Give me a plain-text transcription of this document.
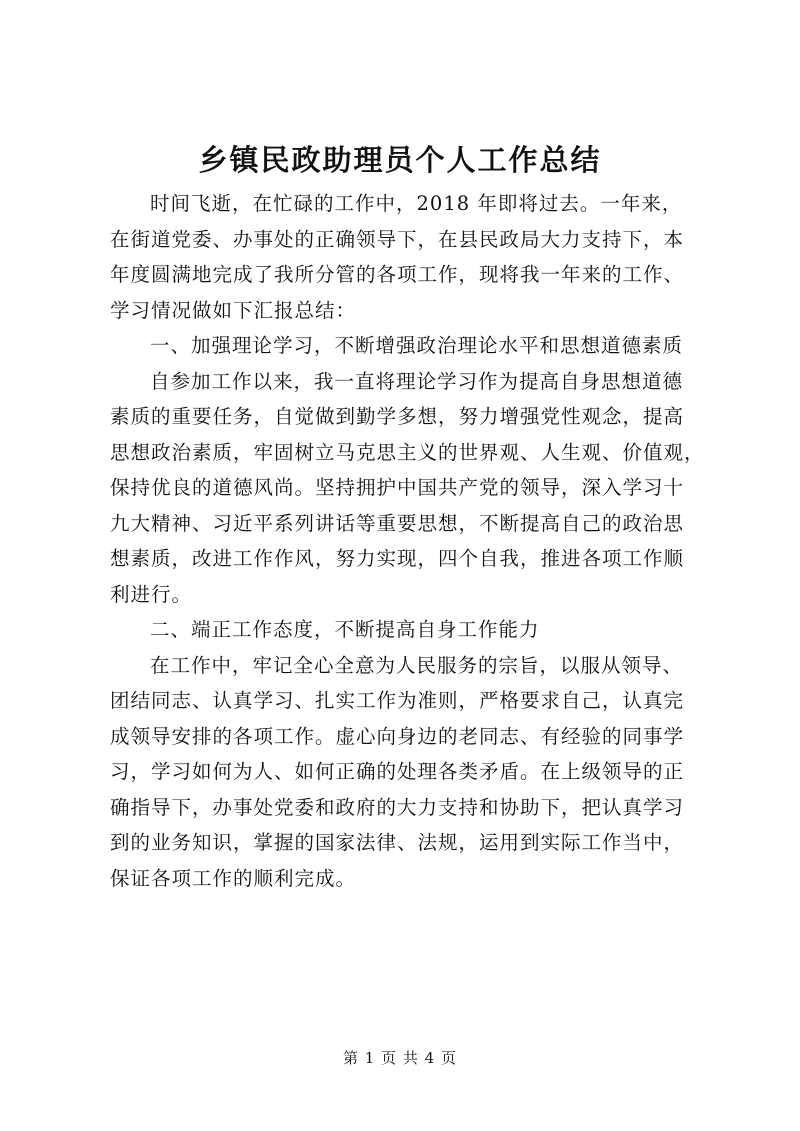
乡镇民政助理员个人工作总结
时间飞逝，在忙碌的工作中，2018 年即将过去。一年来，
在街道党委、办事处的正确领导下，在县民政局大力支持下，本
年度圆满地完成了我所分管的各项工作，现将我一年来的工作、
学习情况做如下汇报总结：
一、加强理论学习，不断增强政治理论水平和思想道德素质
自参加工作以来，我一直将理论学习作为提高自身思想道德
素质的重要任务，自觉做到勤学多想，努力增强党性观念，提高
思想政治素质，牢固树立马克思主义的世界观、人生观、价值观，
保持优良的道德风尚。坚持拥护中国共产党的领导，深入学习十
九大精神、习近平系列讲话等重要思想，不断提高自己的政治思
想素质，改进工作作风，努力实现，四个自我，推进各项工作顺
利进行。
二、端正工作态度，不断提高自身工作能力
在工作中，牢记全心全意为人民服务的宗旨，以服从领导、
团结同志、认真学习、扎实工作为准则，严格要求自己，认真完
成领导安排的各项工作。虚心向身边的老同志、有经验的同事学
习，学习如何为人、如何正确的处理各类矛盾。在上级领导的正
确指导下，办事处党委和政府的大力支持和协助下，把认真学习
到的业务知识，掌握的国家法律、法规，运用到实际工作当中，
保证各项工作的顺利完成。
第 1 页 共 4 页
